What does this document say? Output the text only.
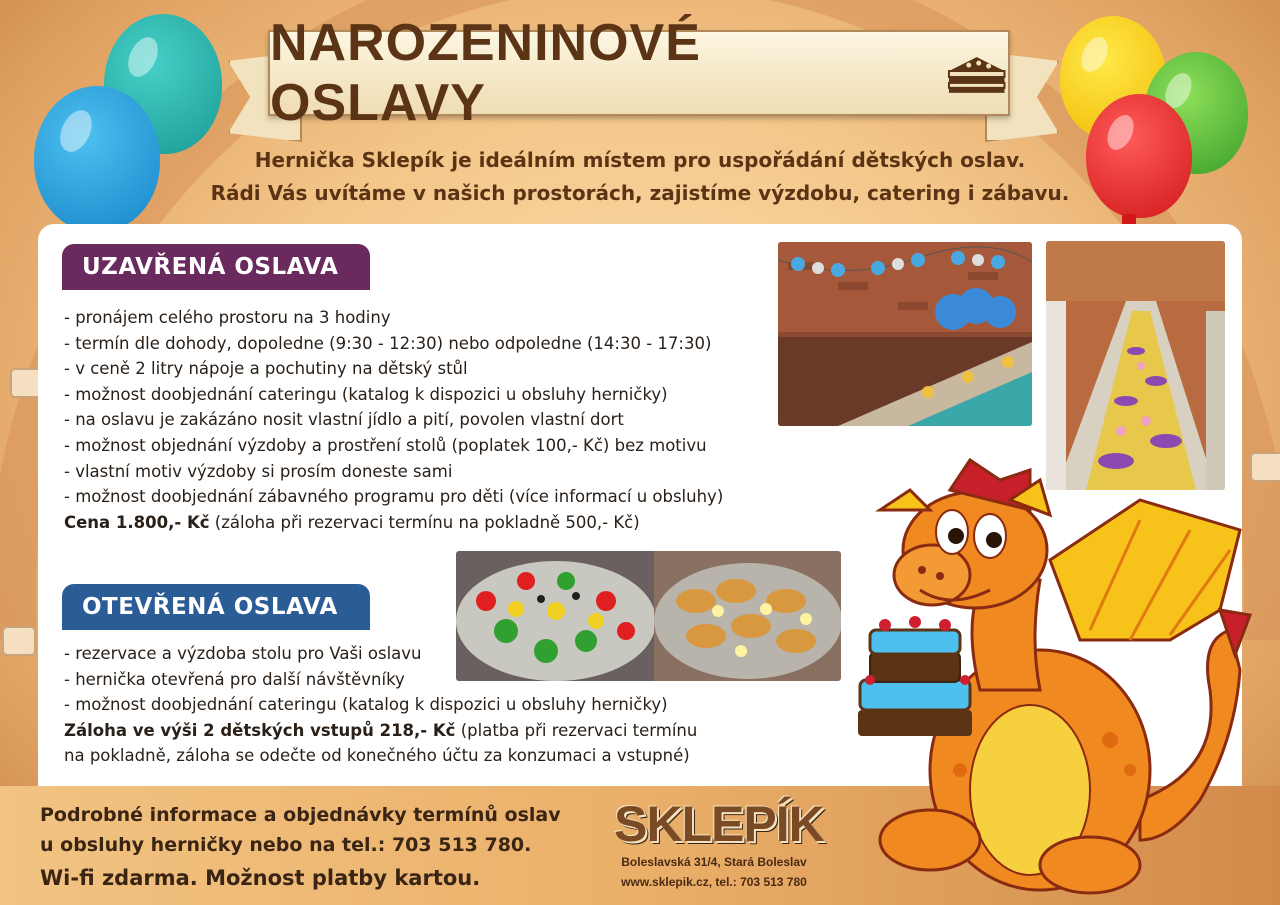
NAROZENINOVÉ OSLAVY
Hernička Sklepík je ideálním místem pro uspořádání dětských oslav.
Rádi Vás uvítáme v našich prostorách, zajistíme výzdobu, catering i zábavu.
UZAVŘENÁ OSLAVA
- pronájem celého prostoru na 3 hodiny
- termín dle dohody, dopoledne (9:30 - 12:30) nebo odpoledne (14:30 - 17:30)
- v ceně 2 litry nápoje a pochutiny na dětský stůl
- možnost doobjednání cateringu (katalog k dispozici u obsluhy herničky)
- na oslavu je zakázáno nosit vlastní jídlo a pití, povolen vlastní dort
- možnost objednání výzdoby a prostření stolů (poplatek 100,- Kč) bez motivu
- vlastní motiv výzdoby si prosím doneste sami
- možnost doobjednání zábavného programu pro děti (více informací u obsluhy)
Cena 1.800,- Kč (záloha při rezervaci termínu na pokladně 500,- Kč)
OTEVŘENÁ OSLAVA
- rezervace a výzdoba stolu pro Vaši oslavu
- hernička otevřená pro další návštěvníky
- možnost doobjednání cateringu (katalog k dispozici u obsluhy herničky)
Záloha ve výši 2 dětských vstupů 218,- Kč (platba při rezervaci termínu
na pokladně, záloha se odečte od konečného účtu za konzumaci a vstupné)
Podrobné informace a objednávky termínů oslav
u obsluhy herničky nebo na tel.: 703 513 780.
Wi-fi zdarma. Možnost platby kartou.
SKLEPÍK
Boleslavská 31/4, Stará Boleslav
www.sklepik.cz, tel.: 703 513 780
